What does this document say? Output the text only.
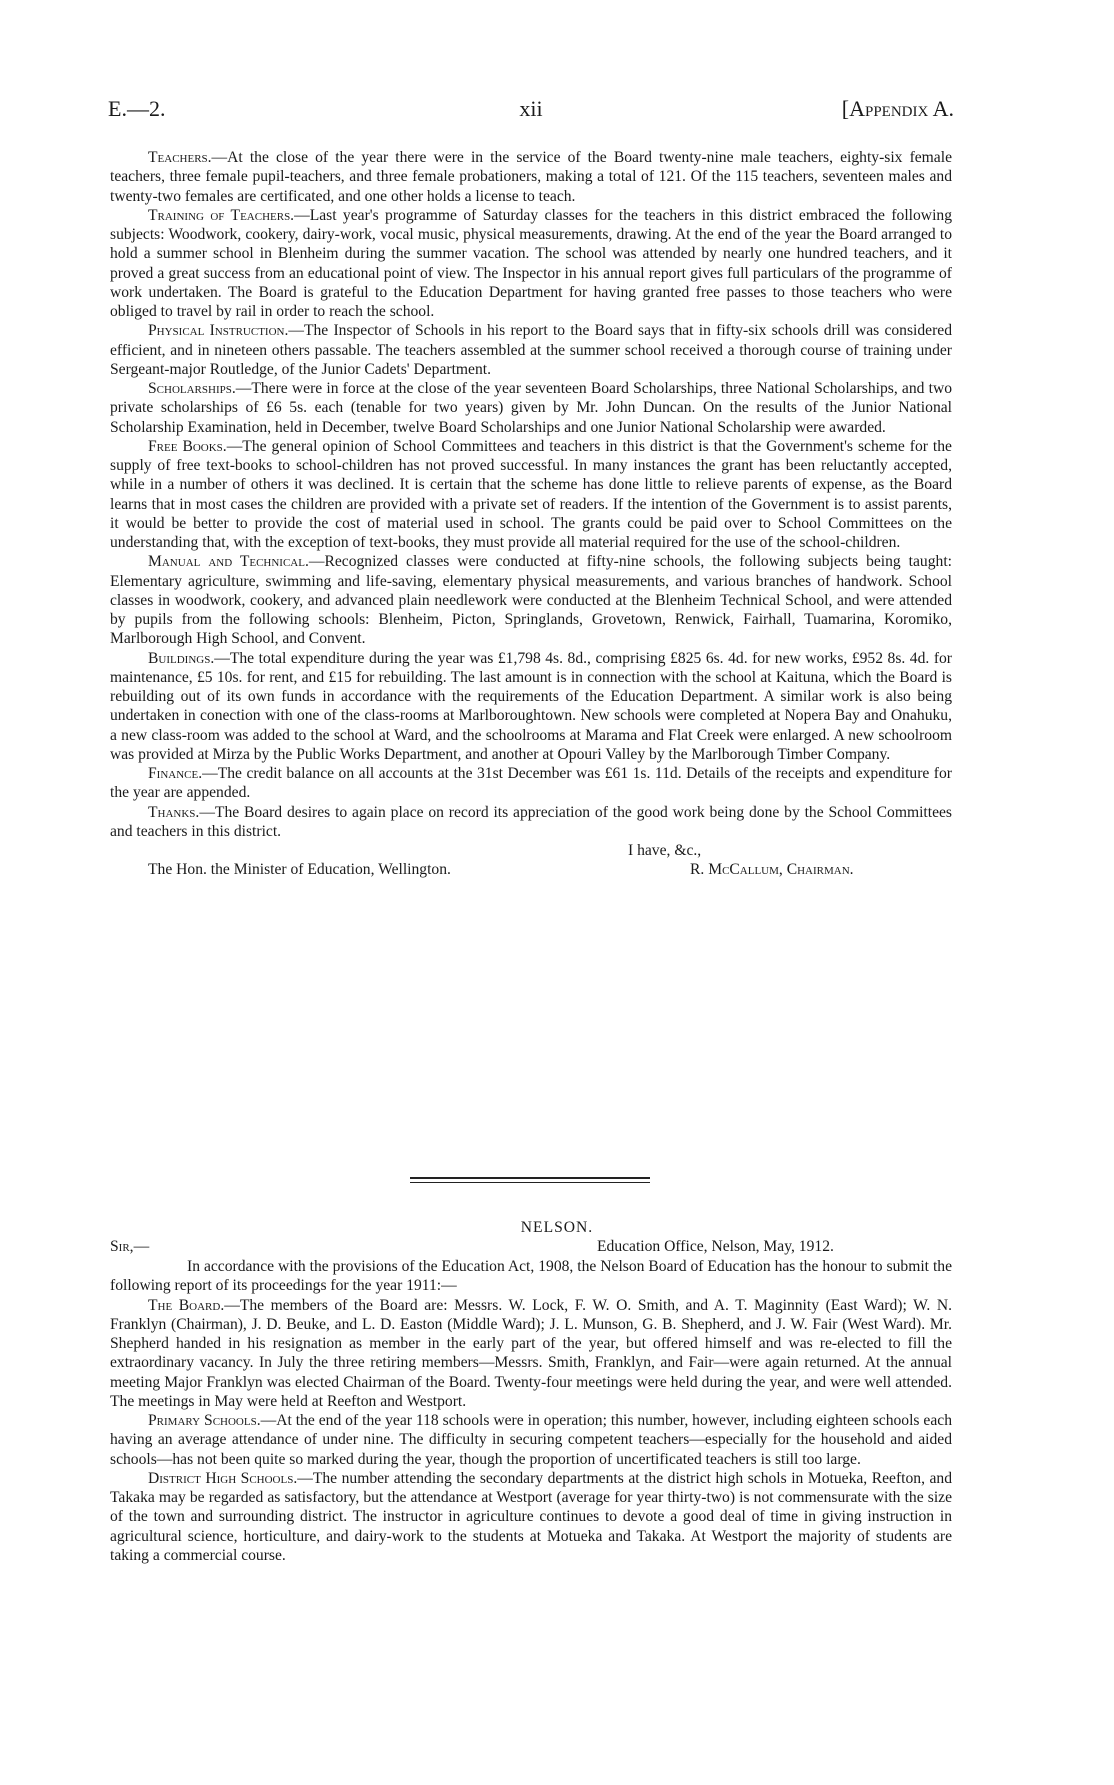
E.—2.	xii	[Appendix A.

Teachers.—At the close of the year there were in the service of the Board twenty-nine male teachers, eighty-six female teachers, three female pupil-teachers, and three female probationers, making a total of 121. Of the 115 teachers, seventeen males and twenty-two females are certificated, and one other holds a license to teach.

Training of Teachers.—Last year's programme of Saturday classes for the teachers in this district embraced the following subjects: Woodwork, cookery, dairy-work, vocal music, physical measurements, drawing. At the end of the year the Board arranged to hold a summer school in Blenheim during the summer vacation. The school was attended by nearly one hundred teachers, and it proved a great success from an educational point of view. The Inspector in his annual report gives full particulars of the programme of work undertaken. The Board is grateful to the Education Department for having granted free passes to those teachers who were obliged to travel by rail in order to reach the school.

Physical Instruction.—The Inspector of Schools in his report to the Board says that in fifty-six schools drill was considered efficient, and in nineteen others passable. The teachers assembled at the summer school received a thorough course of training under Sergeant-major Routledge, of the Junior Cadets' Department.

Scholarships.—There were in force at the close of the year seventeen Board Scholarships, three National Scholarships, and two private scholarships of £6 5s. each (tenable for two years) given by Mr. John Duncan. On the results of the Junior National Scholarship Examination, held in December, twelve Board Scholarships and one Junior National Scholarship were awarded.

Free Books.—The general opinion of School Committees and teachers in this district is that the Government's scheme for the supply of free text-books to school-children has not proved successful. In many instances the grant has been reluctantly accepted, while in a number of others it was declined. It is certain that the scheme has done little to relieve parents of expense, as the Board learns that in most cases the children are provided with a private set of readers. If the intention of the Government is to assist parents, it would be better to provide the cost of material used in school. The grants could be paid over to School Committees on the understanding that, with the exception of text-books, they must provide all material required for the use of the school-children.

Manual and Technical.—Recognized classes were conducted at fifty-nine schools, the following subjects being taught: Elementary agriculture, swimming and life-saving, elementary physical measurements, and various branches of handwork. School classes in woodwork, cookery, and advanced plain needlework were conducted at the Blenheim Technical School, and were attended by pupils from the following schools: Blenheim, Picton, Springlands, Grovetown, Renwick, Fairhall, Tuamarina, Koromiko, Marlborough High School, and Convent.

Buildings.—The total expenditure during the year was £1,798 4s. 8d., comprising £825 6s. 4d. for new works, £952 8s. 4d. for maintenance, £5 10s. for rent, and £15 for rebuilding. The last amount is in connection with the school at Kaituna, which the Board is rebuilding out of its own funds in accordance with the requirements of the Education Department. A similar work is also being undertaken in conection with one of the class-rooms at Marlboroughtown. New schools were completed at Nopera Bay and Onahuku, a new class-room was added to the school at Ward, and the schoolrooms at Marama and Flat Creek were enlarged. A new schoolroom was provided at Mirza by the Public Works Department, and another at Opouri Valley by the Marlborough Timber Company.

Finance.—The credit balance on all accounts at the 31st December was £61 1s. 11d. Details of the receipts and expenditure for the year are appended.

Thanks.—The Board desires to again place on record its appreciation of the good work being done by the School Committees and teachers in this district.

I have, &c.,

The Hon. the Minister of Education, Wellington.	R. McCallum, Chairman.
NELSON.
Sir,—	Education Office, Nelson, May, 1912.

In accordance with the provisions of the Education Act, 1908, the Nelson Board of Education has the honour to submit the following report of its proceedings for the year 1911:—

The Board.—The members of the Board are: Messrs. W. Lock, F. W. O. Smith, and A. T. Maginnity (East Ward); W. N. Franklyn (Chairman), J. D. Beuke, and L. D. Easton (Middle Ward); J. L. Munson, G. B. Shepherd, and J. W. Fair (West Ward). Mr. Shepherd handed in his resignation as member in the early part of the year, but offered himself and was re-elected to fill the extraordinary vacancy. In July the three retiring members—Messrs. Smith, Franklyn, and Fair—were again returned. At the annual meeting Major Franklyn was elected Chairman of the Board. Twenty-four meetings were held during the year, and were well attended. The meetings in May were held at Reefton and Westport.

Primary Schools.—At the end of the year 118 schools were in operation; this number, however, including eighteen schools each having an average attendance of under nine. The difficulty in securing competent teachers—especially for the household and aided schools—has not been quite so marked during the year, though the proportion of uncertificated teachers is still too large.

District High Schools.—The number attending the secondary departments at the district high schols in Motueka, Reefton, and Takaka may be regarded as satisfactory, but the attendance at Westport (average for year thirty-two) is not commensurate with the size of the town and surrounding district. The instructor in agriculture continues to devote a good deal of time in giving instruction in agricultural science, horticulture, and dairy-work to the students at Motueka and Takaka. At Westport the majority of students are taking a commercial course.
